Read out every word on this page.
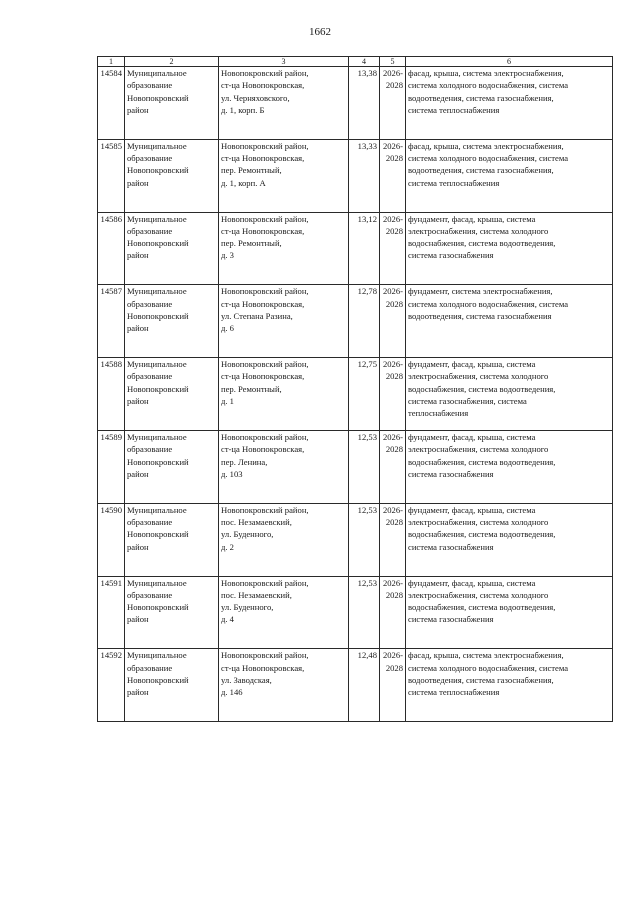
1662
1	2	3	4	5	6
14584	Муниципальное
образование
Новопокровский
район	Новопокровский район,
ст-ца Новопокровская,
ул. Черняховского,
д. 1, корп. Б	13,38	2026-
2028	фасад, крыша, система электроснабжения,
система холодного водоснабжения, система
водоотведения, система газоснабжения,
система теплоснабжения

14585	Муниципальное
образование
Новопокровский
район	Новопокровский район,
ст-ца Новопокровская,
пер. Ремонтный,
д. 1, корп. А	13,33	2026-
2028	фасад, крыша, система электроснабжения,
система холодного водоснабжения, система
водоотведения, система газоснабжения,
система теплоснабжения

14586	Муниципальное
образование
Новопокровский
район	Новопокровский район,
ст-ца Новопокровская,
пер. Ремонтный,
д. 3	13,12	2026-
2028	фундамент, фасад, крыша, система
электроснабжения, система холодного
водоснабжения, система водоотведения,
система газоснабжения

14587	Муниципальное
образование
Новопокровский
район	Новопокровский район,
ст-ца Новопокровская,
ул. Степана Разина,
д. 6	12,78	2026-
2028	фундамент, система электроснабжения,
система холодного водоснабжения, система
водоотведения, система газоснабжения

14588	Муниципальное
образование
Новопокровский
район	Новопокровский район,
ст-ца Новопокровская,
пер. Ремонтный,
д. 1	12,75	2026-
2028	фундамент, фасад, крыша, система
электроснабжения, система холодного
водоснабжения, система водоотведения,
система газоснабжения, система
теплоснабжения

14589	Муниципальное
образование
Новопокровский
район	Новопокровский район,
ст-ца Новопокровская,
пер. Ленина,
д. 103	12,53	2026-
2028	фундамент, фасад, крыша, система
электроснабжения, система холодного
водоснабжения, система водоотведения,
система газоснабжения

14590	Муниципальное
образование
Новопокровский
район	Новопокровский район,
пос. Незамаевский,
ул. Буденного,
д. 2	12,53	2026-
2028	фундамент, фасад, крыша, система
электроснабжения, система холодного
водоснабжения, система водоотведения,
система газоснабжения

14591	Муниципальное
образование
Новопокровский
район	Новопокровский район,
пос. Незамаевский,
ул. Буденного,
д. 4	12,53	2026-
2028	фундамент, фасад, крыша, система
электроснабжения, система холодного
водоснабжения, система водоотведения,
система газоснабжения

14592	Муниципальное
образование
Новопокровский
район	Новопокровский район,
ст-ца Новопокровская,
ул. Заводская,
д. 146	12,48	2026-
2028	фасад, крыша, система электроснабжения,
система холодного водоснабжения, система
водоотведения, система газоснабжения,
система теплоснабжения
